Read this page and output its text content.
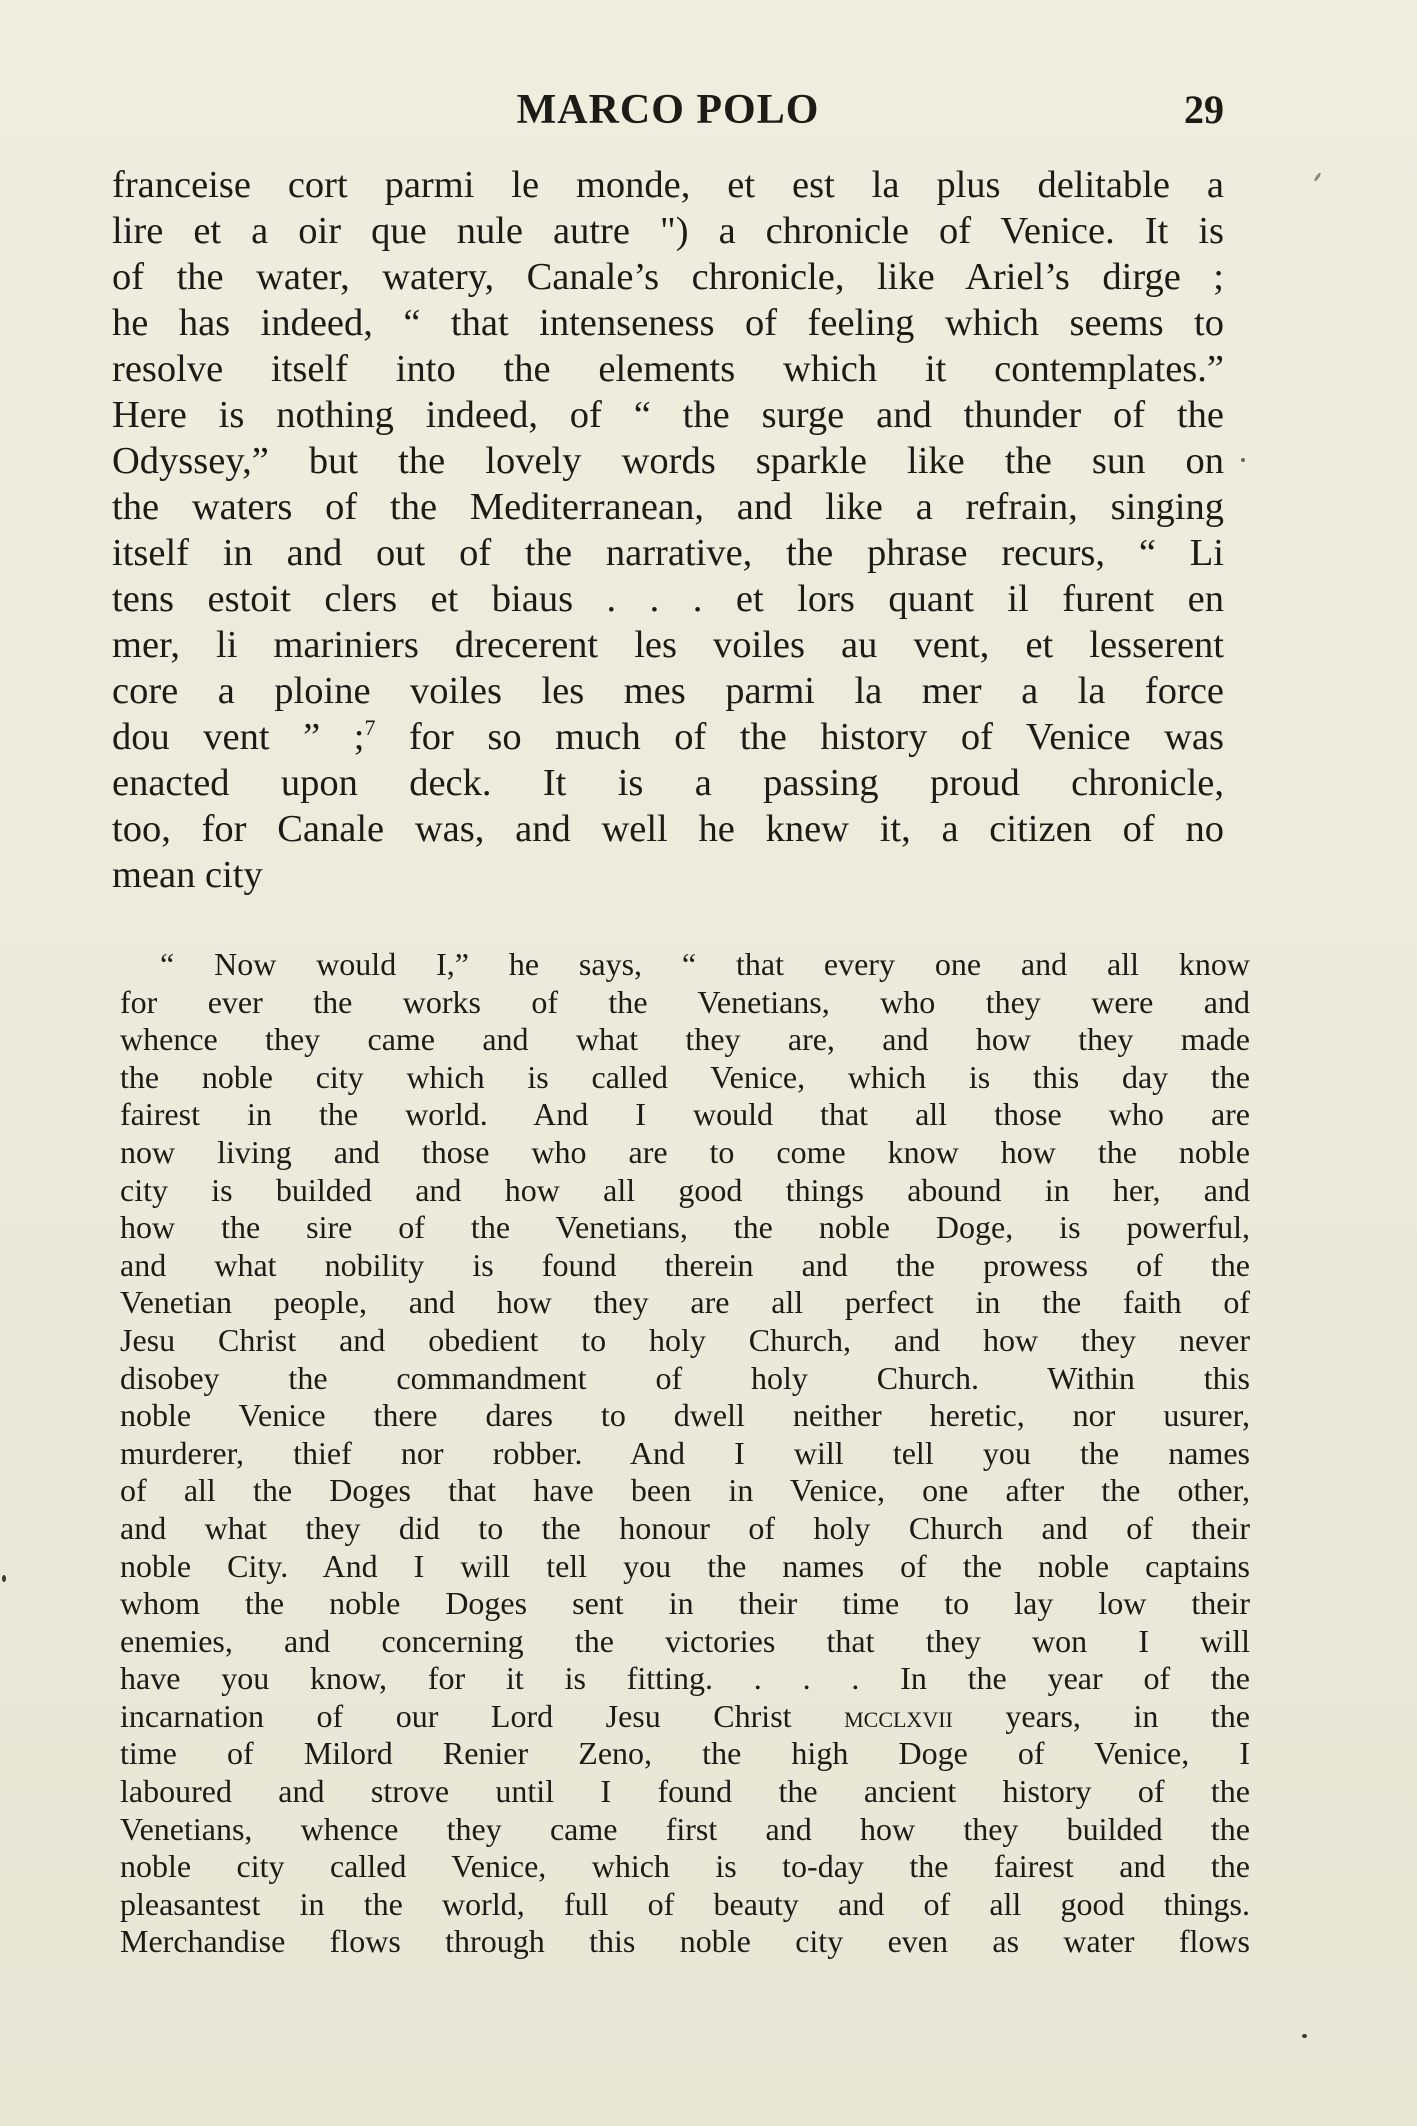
MARCO POLO	29
franceise cort parmi le monde, et est la plus delitable a
lire et a oir que nule autre ") a chronicle of Venice. It is
of the water, watery, Canale’s chronicle, like Ariel’s dirge ;
he has indeed, “ that intenseness of feeling which seems to
resolve itself into the elements which it contemplates.”
Here is nothing indeed, of “ the surge and thunder of the
Odyssey,” but the lovely words sparkle like the sun on
the waters of the Mediterranean, and like a refrain, singing
itself in and out of the narrative, the phrase recurs, “ Li
tens estoit clers et biaus . . . et lors quant il furent en
mer, li mariniers drecerent les voiles au vent, et lesserent
core a ploine voiles les mes parmi la mer a la force
dou vent ” ;$^7$ for so much of the history of Venice was
enacted upon deck. It is a passing proud chronicle,
too, for Canale was, and well he knew it, a citizen of no
mean city
“ Now would I,” he says, “ that every one and all know
for ever the works of the Venetians, who they were and
whence they came and what they are, and how they made
the noble city which is called Venice, which is this day the
fairest in the world. And I would that all those who are
now living and those who are to come know how the noble
city is builded and how all good things abound in her, and
how the sire of the Venetians, the noble Doge, is powerful,
and what nobility is found therein and the prowess of the
Venetian people, and how they are all perfect in the faith of
Jesu Christ and obedient to holy Church, and how they never
disobey the commandment of holy Church. Within this
noble Venice there dares to dwell neither heretic, nor usurer,
murderer, thief nor robber. And I will tell you the names
of all the Doges that have been in Venice, one after the other,
and what they did to the honour of holy Church and of their
noble City. And I will tell you the names of the noble captains
whom the noble Doges sent in their time to lay low their
enemies, and concerning the victories that they won I will
have you know, for it is fitting. . . . In the year of the
incarnation of our Lord Jesu Christ mcclxvii years, in the
time of Milord Renier Zeno, the high Doge of Venice, I
laboured and strove until I found the ancient history of the
Venetians, whence they came first and how they builded the
noble city called Venice, which is to-day the fairest and the
pleasantest in the world, full of beauty and of all good things.
Merchandise flows through this noble city even as water flows
